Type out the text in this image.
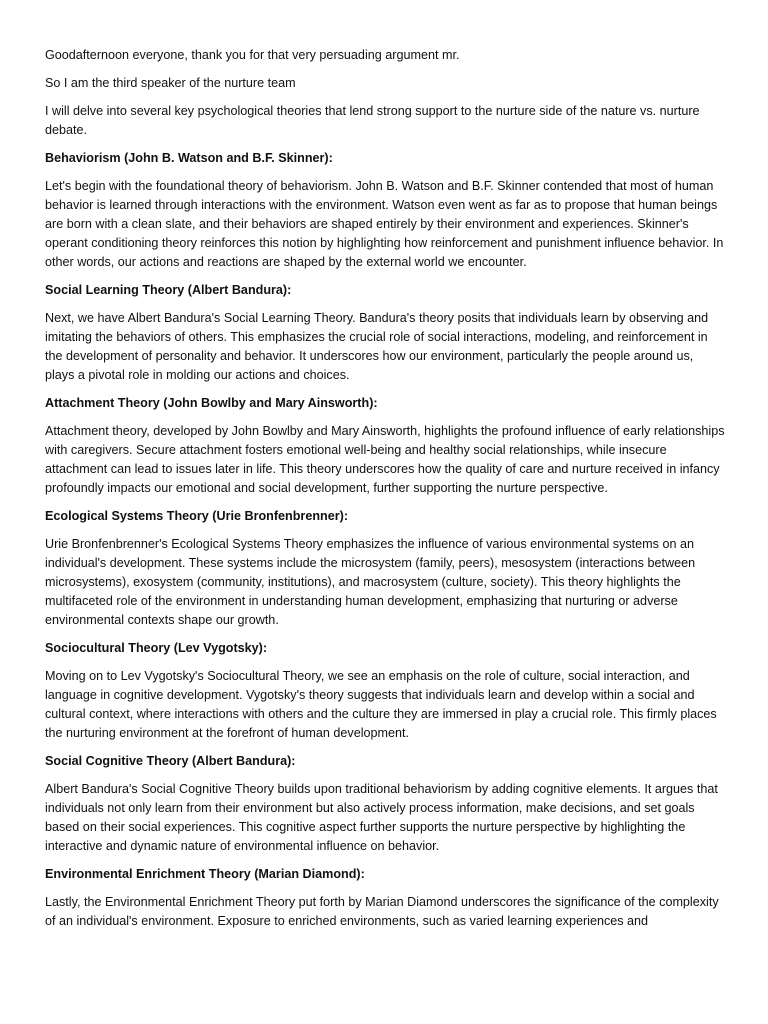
Goodafternoon everyone, thank you for that very persuading argument mr.

So I am the third speaker of the nurture team

I will delve into several key psychological theories that lend strong support to the nurture side of the nature vs. nurture debate.

Behaviorism (John B. Watson and B.F. Skinner):

Let's begin with the foundational theory of behaviorism. John B. Watson and B.F. Skinner contended that most of human behavior is learned through interactions with the environment. Watson even went as far as to propose that human beings are born with a clean slate, and their behaviors are shaped entirely by their environment and experiences. Skinner's operant conditioning theory reinforces this notion by highlighting how reinforcement and punishment influence behavior. In other words, our actions and reactions are shaped by the external world we encounter.

Social Learning Theory (Albert Bandura):

Next, we have Albert Bandura's Social Learning Theory. Bandura's theory posits that individuals learn by observing and imitating the behaviors of others. This emphasizes the crucial role of social interactions, modeling, and reinforcement in the development of personality and behavior. It underscores how our environment, particularly the people around us, plays a pivotal role in molding our actions and choices.

Attachment Theory (John Bowlby and Mary Ainsworth):

Attachment theory, developed by John Bowlby and Mary Ainsworth, highlights the profound influence of early relationships with caregivers. Secure attachment fosters emotional well-being and healthy social relationships, while insecure attachment can lead to issues later in life. This theory underscores how the quality of care and nurture received in infancy profoundly impacts our emotional and social development, further supporting the nurture perspective.

Ecological Systems Theory (Urie Bronfenbrenner):

Urie Bronfenbrenner's Ecological Systems Theory emphasizes the influence of various environmental systems on an individual's development. These systems include the microsystem (family, peers), mesosystem (interactions between microsystems), exosystem (community, institutions), and macrosystem (culture, society). This theory highlights the multifaceted role of the environment in understanding human development, emphasizing that nurturing or adverse environmental contexts shape our growth.

Sociocultural Theory (Lev Vygotsky):

Moving on to Lev Vygotsky's Sociocultural Theory, we see an emphasis on the role of culture, social interaction, and language in cognitive development. Vygotsky's theory suggests that individuals learn and develop within a social and cultural context, where interactions with others and the culture they are immersed in play a crucial role. This firmly places the nurturing environment at the forefront of human development.

Social Cognitive Theory (Albert Bandura):

Albert Bandura's Social Cognitive Theory builds upon traditional behaviorism by adding cognitive elements. It argues that individuals not only learn from their environment but also actively process information, make decisions, and set goals based on their social experiences. This cognitive aspect further supports the nurture perspective by highlighting the interactive and dynamic nature of environmental influence on behavior.

Environmental Enrichment Theory (Marian Diamond):

Lastly, the Environmental Enrichment Theory put forth by Marian Diamond underscores the significance of the complexity of an individual's environment. Exposure to enriched environments, such as varied learning experiences and
